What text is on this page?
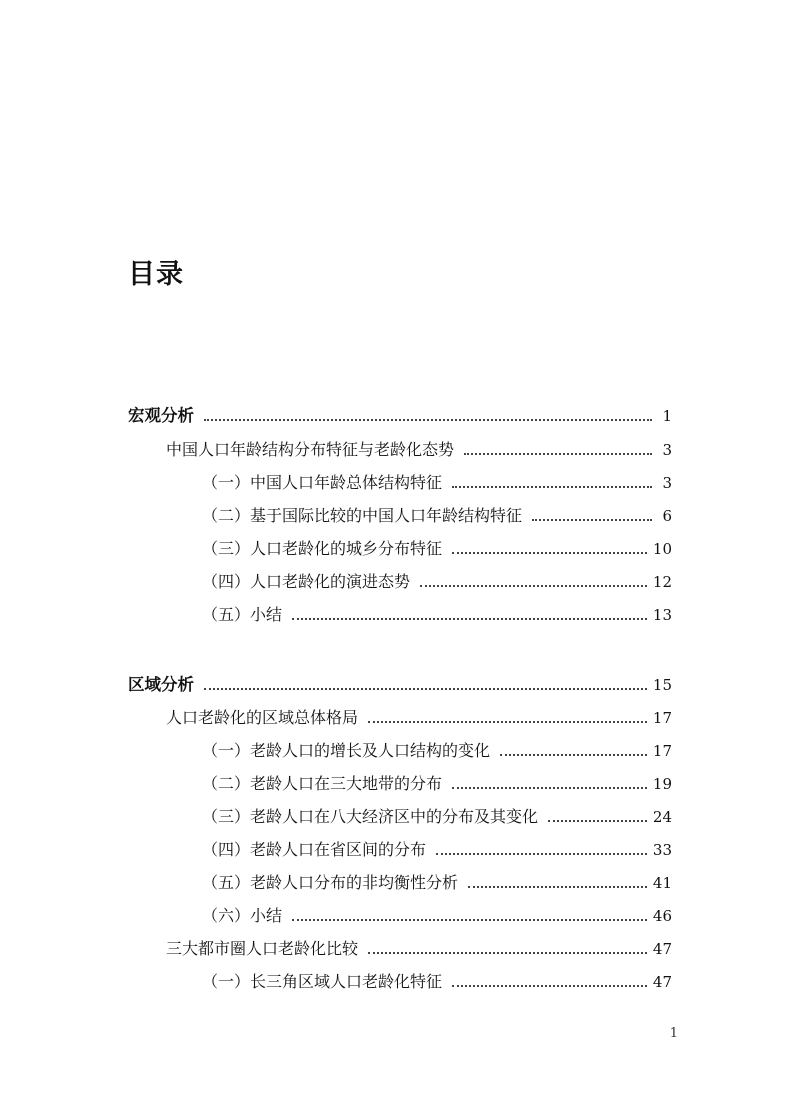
目录
宏观分析	1
中国人口年龄结构分布特征与老龄化态势	3
（一）中国人口年龄总体结构特征	3
（二）基于国际比较的中国人口年龄结构特征	6
（三）人口老龄化的城乡分布特征	10
（四）人口老龄化的演进态势	12
（五）小结	13
区域分析	15
人口老龄化的区域总体格局	17
（一）老龄人口的增长及人口结构的变化	17
（二）老龄人口在三大地带的分布	19
（三）老龄人口在八大经济区中的分布及其变化	24
（四）老龄人口在省区间的分布	33
（五）老龄人口分布的非均衡性分析	41
（六）小结	46
三大都市圈人口老龄化比较	47
（一）长三角区域人口老龄化特征	47
1
